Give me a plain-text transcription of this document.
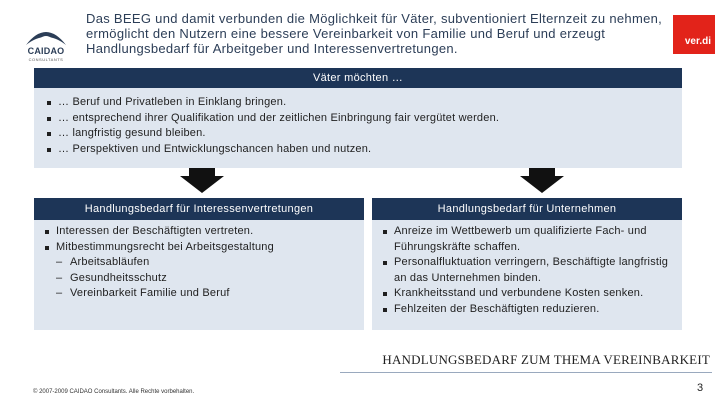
CAIDAO
CONSULTANTS
Das BEEG und damit verbunden die Möglichkeit für Väter, subventioniert Elternzeit zu nehmen, ermöglicht den Nutzern eine bessere Vereinbarkeit von Familie und Beruf und erzeugt Handlungsbedarf für Arbeitgeber und Interessenvertretungen.	ver.di
Väter möchten …
… Beruf und Privatleben in Einklang bringen.
… entsprechend ihrer Qualifikation und der zeitlichen Einbringung fair vergütet werden.
… langfristig gesund bleiben.
… Perspektiven und Entwicklungschancen haben und nutzen.
Handlungsbedarf für Interessenvertretungen
Interessen der Beschäftigten vertreten.
Mitbestimmungsrecht bei Arbeitsgestaltung
– Arbeitsabläufen
– Gesundheitsschutz
– Vereinbarkeit Familie und Beruf
Handlungsbedarf für Unternehmen
Anreize im Wettbewerb um qualifizierte Fach- und Führungskräfte schaffen.
Personalfluktuation verringern, Beschäftigte langfristig an das Unternehmen binden.
Krankheitsstand und verbundene Kosten senken.
Fehlzeiten der Beschäftigten reduzieren.
HANDLUNGSBEDARF ZUM THEMA VEREINBARKEIT
© 2007-2009 CAIDAO Consultants. Alle Rechte vorbehalten.	3
